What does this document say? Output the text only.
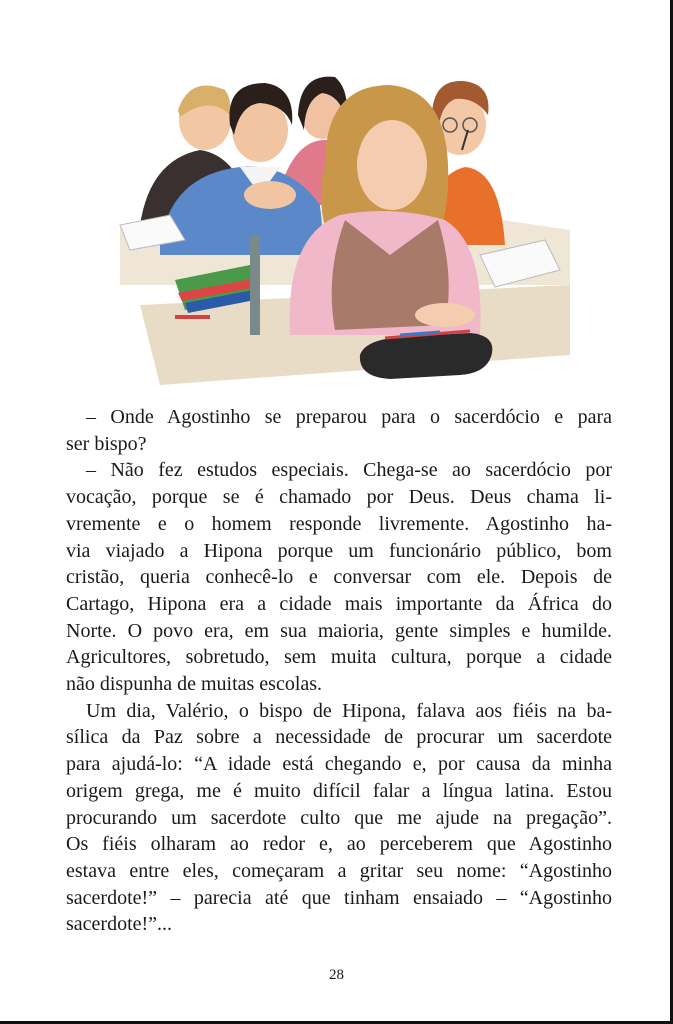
– Onde Agostinho se preparou para o sacerdócio e para
ser bispo?

– Não fez estudos especiais. Chega-se ao sacerdócio por
vocação, porque se é chamado por Deus. Deus chama li-
vremente e o homem responde livremente. Agostinho ha-
via viajado a Hipona porque um funcionário público, bom
cristão, queria conhecê-lo e conversar com ele. Depois de
Cartago, Hipona era a cidade mais importante da África do
Norte. O povo era, em sua maioria, gente simples e humilde.
Agricultores, sobretudo, sem muita cultura, porque a cidade
não dispunha de muitas escolas.

Um dia, Valério, o bispo de Hipona, falava aos fiéis na ba-
sílica da Paz sobre a necessidade de procurar um sacerdote
para ajudá-lo: “A idade está chegando e, por causa da minha
origem grega, me é muito difícil falar a língua latina. Estou
procurando um sacerdote culto que me ajude na pregação”.
Os fiéis olharam ao redor e, ao perceberem que Agostinho
estava entre eles, começaram a gritar seu nome: “Agostinho
sacerdote!” – parecia até que tinham ensaiado – “Agostinho
sacerdote!”...

28
